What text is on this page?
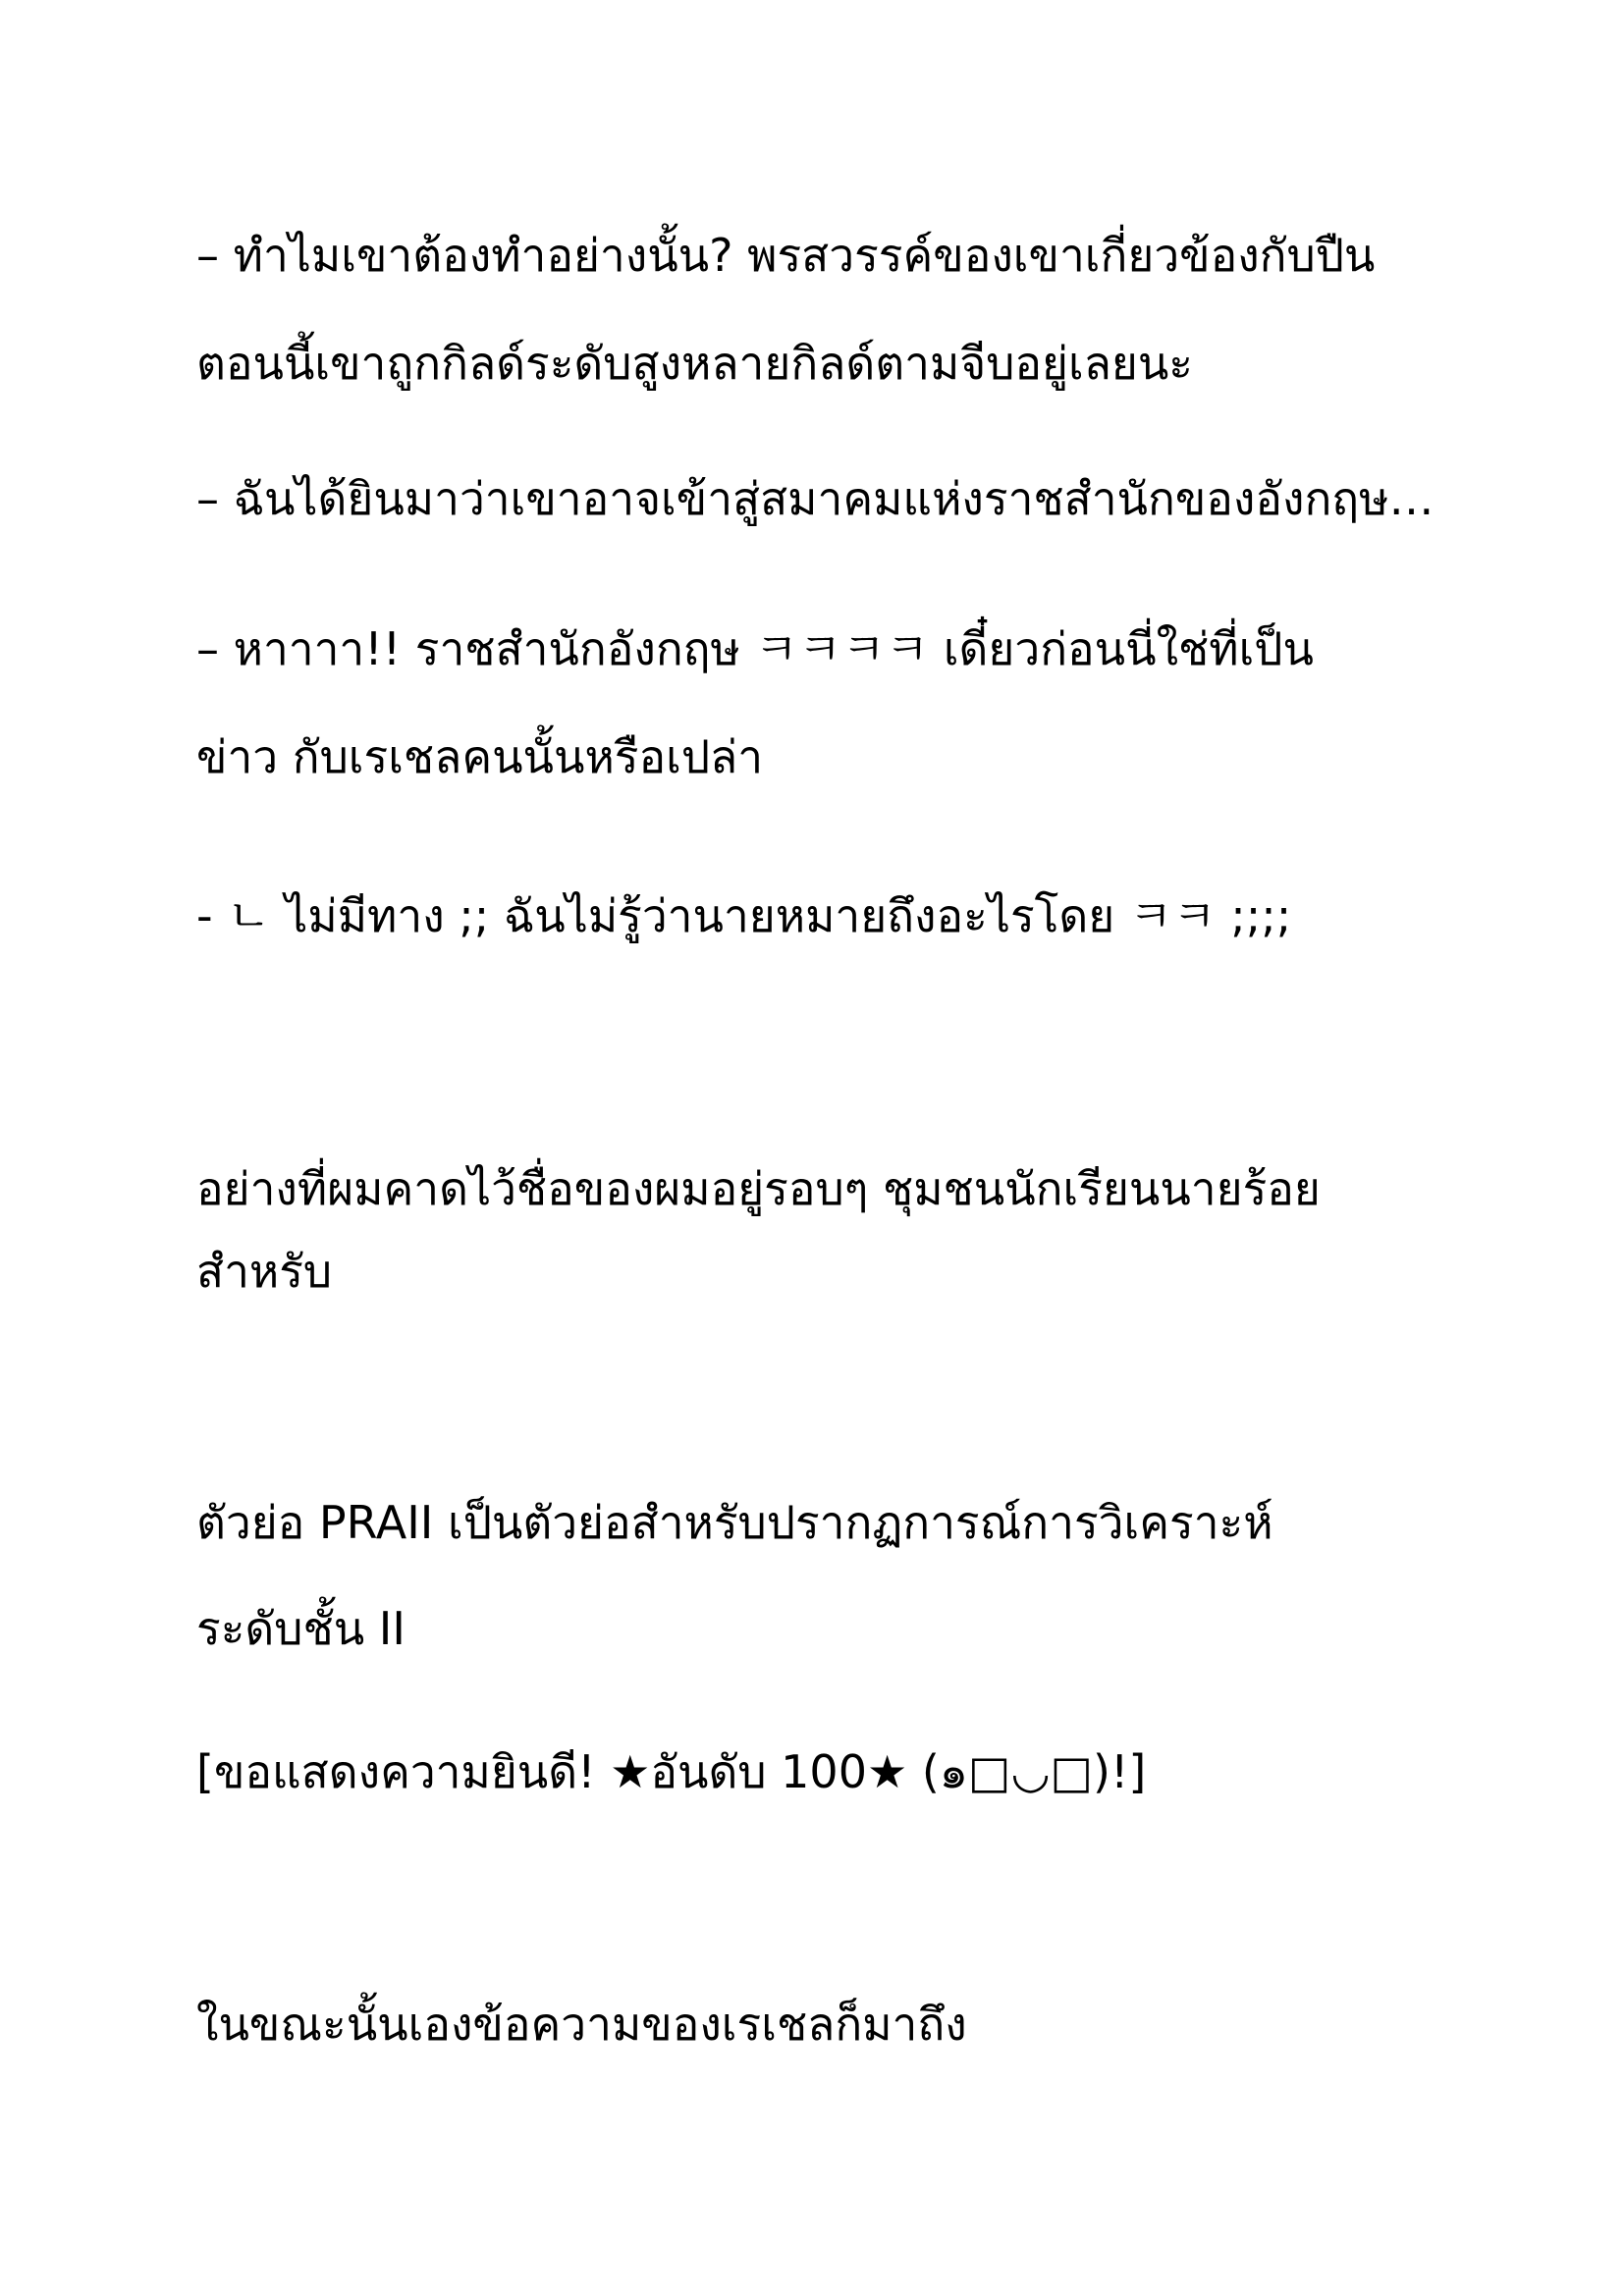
– ทำไมเขาต้องทำอย่างนั้น? พรสวรรค์ของเขาเกี่ยวข้องกับปืน

ตอนนี้เขาถูกกิลด์ระดับสูงหลายกิลด์ตามจีบอยู่เลยนะ

– ฉันได้ยินมาว่าเขาอาจเข้าสู่สมาคมแห่งราชสำนักของอังกฤษ…

– หาาาา!! ราชสำนักอังกฤษ ㅋㅋㅋㅋ เดี๋ยวก่อนนี่ใช่ที่เป็น

ข่าว กับเรเชลคนนั้นหรือเปล่า

- ㄴ ไม่มีทาง ;; ฉันไม่รู้ว่านายหมายถึงอะไรโดย ㅋㅋ ;;;;

อย่างที่ผมคาดไว้ชื่อของผมอยู่รอบๆ ชุมชนนักเรียนนายร้อย

สำหรับ

ตัวย่อ PRAII เป็นตัวย่อสำหรับปรากฏการณ์การวิเคราะห์

ระดับชั้น II

[ขอแสดงความยินดี! ★อันดับ 100★ (๑□◡□)!]

ในขณะนั้นเองข้อความของเรเชลก็มาถึง
